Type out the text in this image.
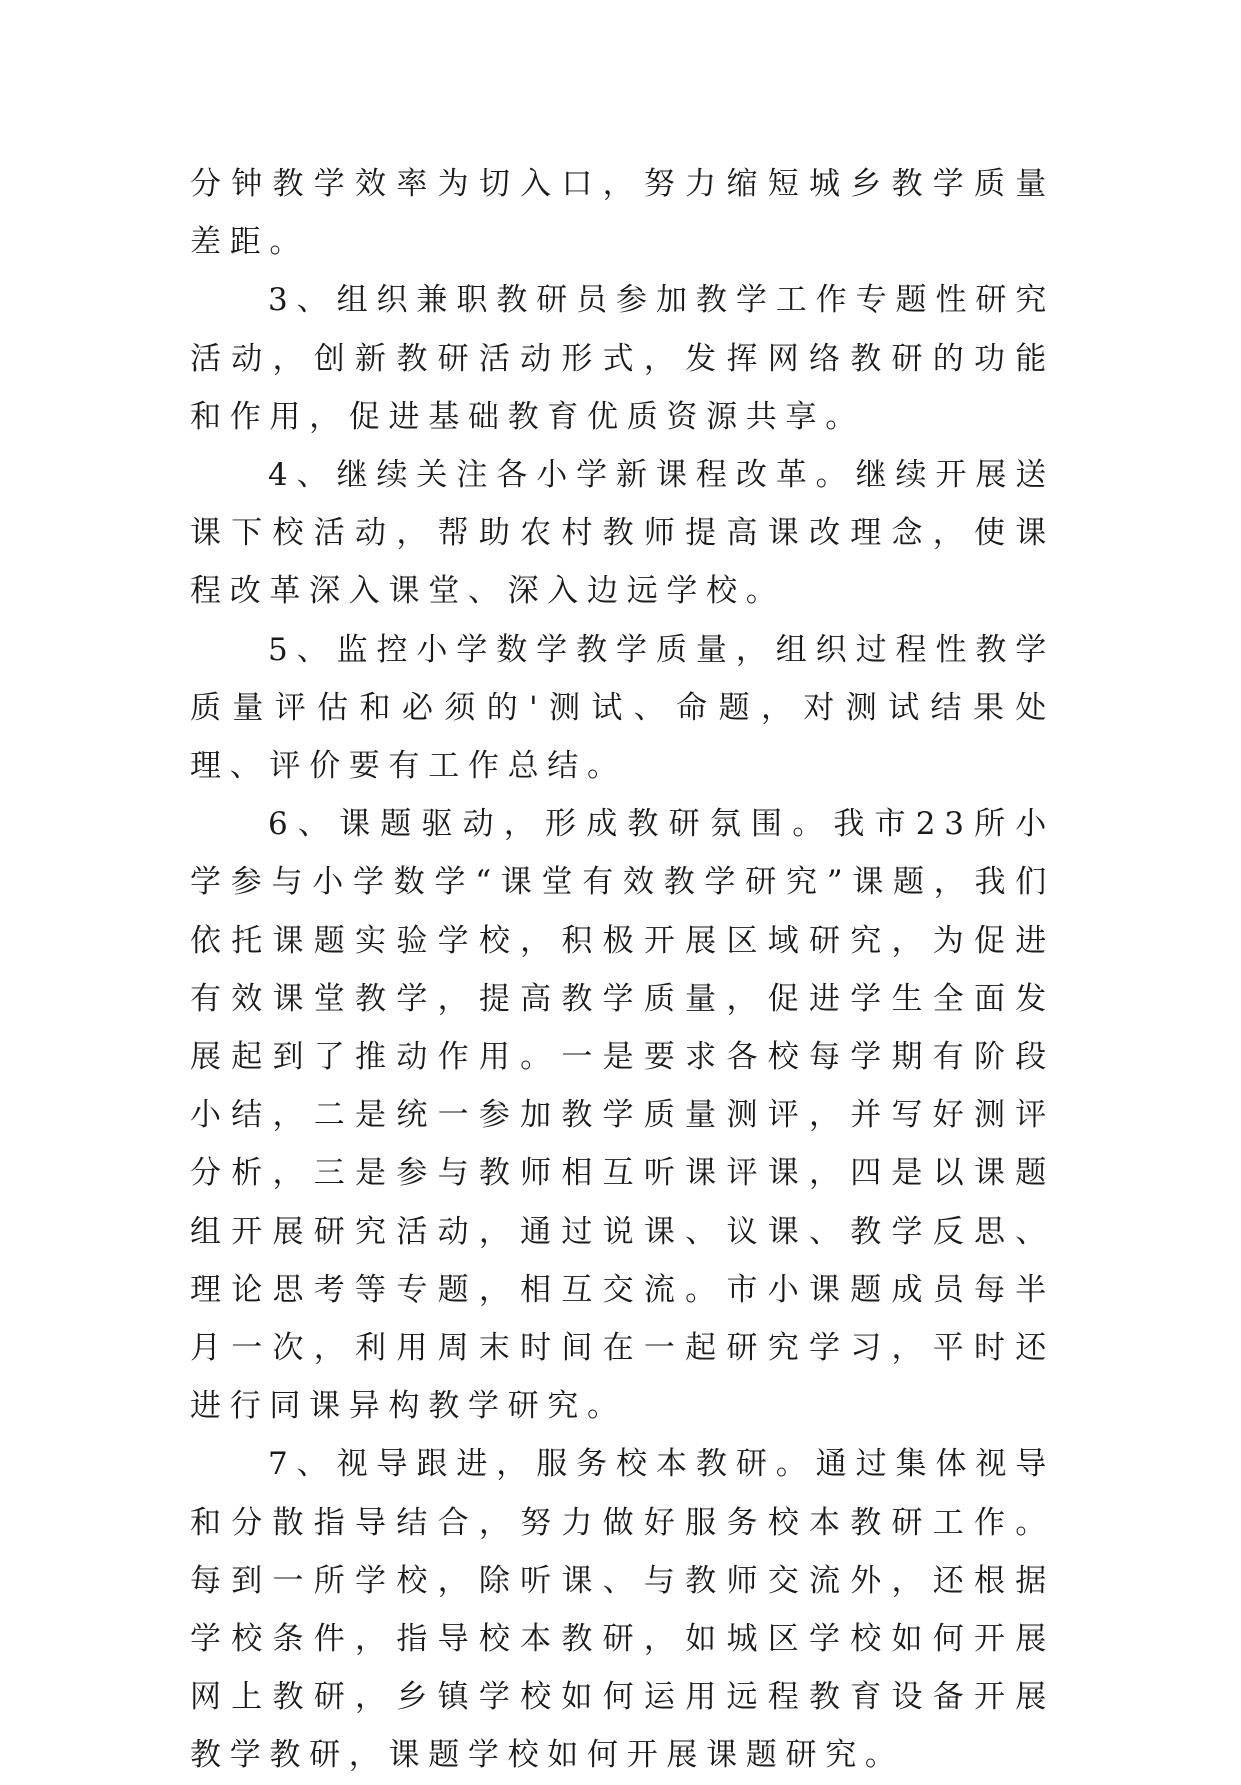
分钟教学效率为切入口，努力缩短城乡教学质量差距。

3、组织兼职教研员参加教学工作专题性研究活动，创新教研活动形式，发挥网络教研的功能和作用，促进基础教育优质资源共享。

4、继续关注各小学新课程改革。继续开展送课下校活动，帮助农村教师提高课改理念，使课程改革深入课堂、深入边远学校。

5、监控小学数学教学质量，组织过程性教学质量评估和必须的'测试、命题，对测试结果处理、评价要有工作总结。

6、课题驱动，形成教研氛围。我市23所小学参与小学数学“课堂有效教学研究”课题，我们依托课题实验学校，积极开展区域研究，为促进有效课堂教学，提高教学质量，促进学生全面发展起到了推动作用。一是要求各校每学期有阶段小结，二是统一参加教学质量测评，并写好测评分析，三是参与教师相互听课评课，四是以课题组开展研究活动，通过说课、议课、教学反思、理论思考等专题，相互交流。市小课题成员每半月一次，利用周末时间在一起研究学习，平时还进行同课异构教学研究。

7、视导跟进，服务校本教研。通过集体视导和分散指导结合，努力做好服务校本教研工作。每到一所学校，除听课、与教师交流外，还根据学校条件，指导校本教研，如城区学校如何开展网上教研，乡镇学校如何运用远程教育设备开展教学教研，课题学校如何开展课题研究。
